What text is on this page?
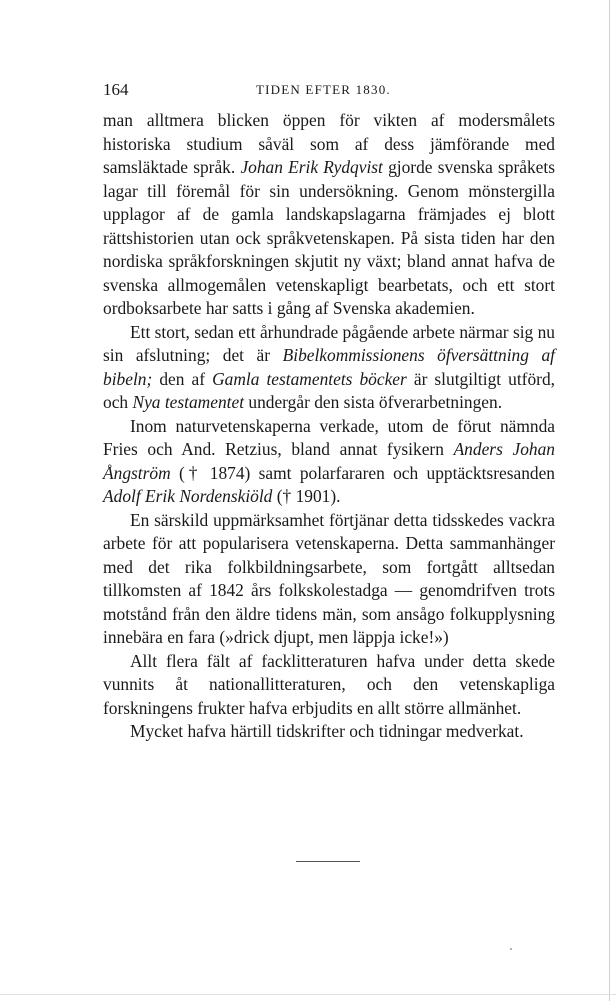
164	TIDEN EFTER 1830.

man alltmera blicken öppen för vikten af modersmålets historiska studium såväl som af dess jämförande med samsläktade språk. Johan Erik Rydqvist gjorde svenska språkets lagar till föremål för sin undersökning. Genom mönstergilla upplagor af de gamla landskapslagarna främjades ej blott rättshistorien utan ock språkvetenskapen. På sista tiden har den nordiska språkforskningen skjutit ny växt; bland annat hafva de svenska allmogemålen vetenskapligt bearbetats, och ett stort ordboksarbete har satts i gång af Svenska akademien.

Ett stort, sedan ett århundrade pågående arbete närmar sig nu sin afslutning; det är Bibelkommissionens öfversättning af bibeln; den af Gamla testamentets böcker är slutgiltigt utförd, och Nya testamentet undergår den sista öfverarbetningen.

Inom naturvetenskaperna verkade, utom de förut nämnda Fries och And. Retzius, bland annat fysikern Anders Johan Ångström († 1874) samt polarfararen och upptäcktsresanden Adolf Erik Nordenskiöld († 1901).

En särskild uppmärksamhet förtjänar detta tidsskedes vackra arbete för att popularisera vetenskaperna. Detta sammanhänger med det rika folkbildningsarbete, som fortgått alltsedan tillkomsten af 1842 års folkskolestadga — genomdrifven trots motstånd från den äldre tidens män, som ansågo folkupplysning innebära en fara (»drick djupt, men läppja icke!»)

Allt flera fält af facklitteraturen hafva under detta skede vunnits åt nationallitteraturen, och den vetenskapliga forskningens frukter hafva erbjudits en allt större allmänhet.

Mycket hafva härtill tidskrifter och tidningar medverkat.
